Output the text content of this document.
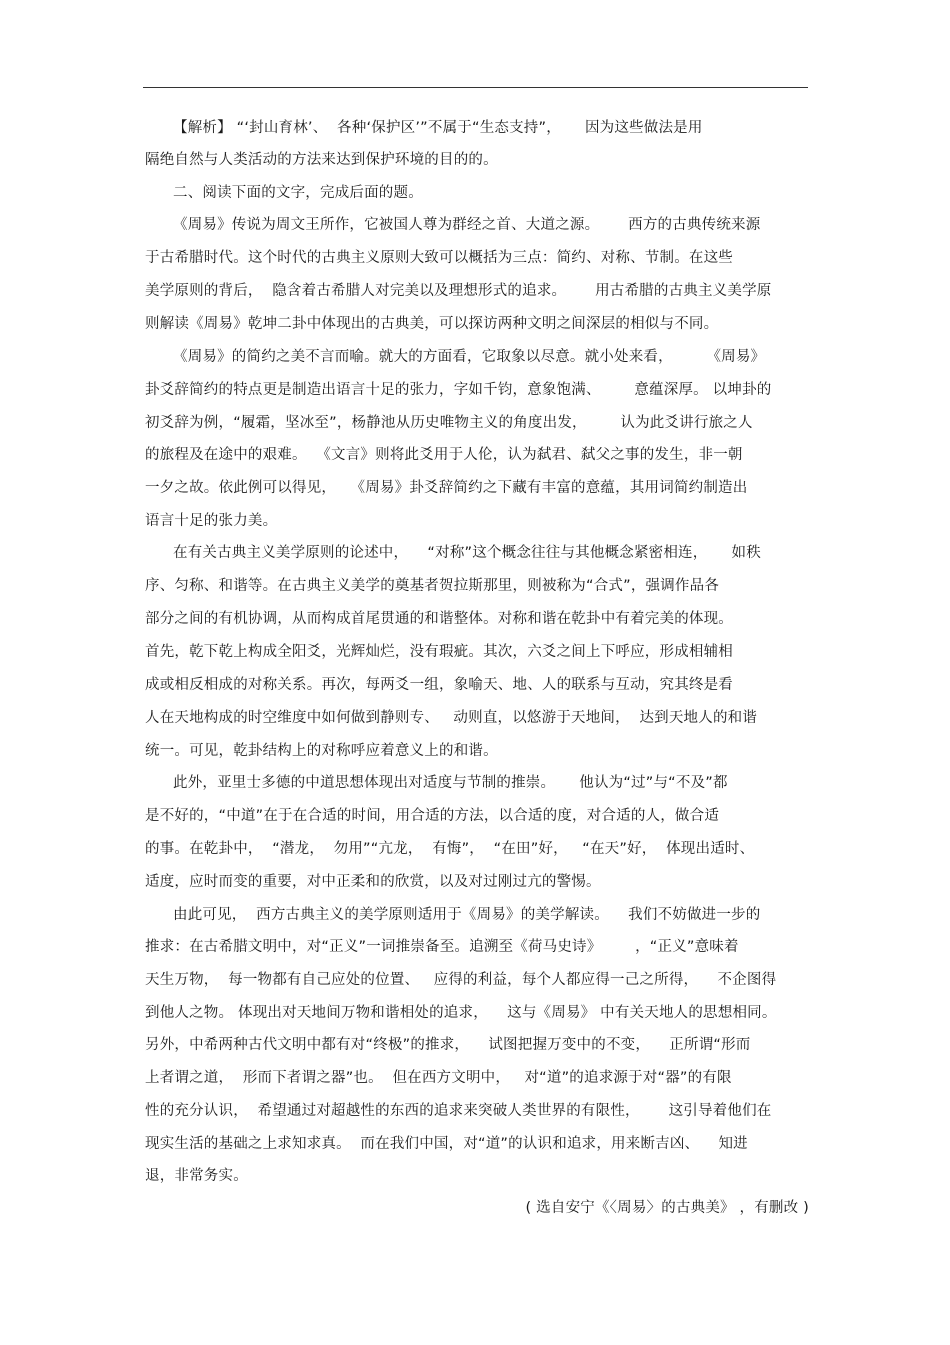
【解析】 “‘封山育林’、  各种‘保护区’”不属于“生态支持”，     因为这些做法是用
隔绝自然与人类活动的方法来达到保护环境的目的的。
二、阅读下面的文字，完成后面的题。
《周易》传说为周文王所作，它被国人尊为群经之首、大道之源。      西方的古典传统来源
于古希腊时代。这个时代的古典主义原则大致可以概括为三点：简约、对称、节制。在这些
美学原则的背后，  隐含着古希腊人对完美以及理想形式的追求。      用古希腊的古典主义美学原
则解读《周易》乾坤二卦中体现出的古典美，可以探访两种文明之间深层的相似与不同。
《周易》的简约之美不言而喻。就大的方面看，它取象以尽意。就小处来看，       《周易》
卦爻辞简约的特点更是制造出语言十足的张力，字如千钧，意象饱满、       意蕴深厚。 以坤卦的
初爻辞为例，“履霜，坚冰至”，杨静池从历史唯物主义的角度出发，       认为此爻讲行旅之人
的旅程及在途中的艰难。  《文言》则将此爻用于人伦，认为弑君、弑父之事的发生，非一朝
一夕之故。依此例可以得见，   《周易》卦爻辞简约之下藏有丰富的意蕴，其用词简约制造出
语言十足的张力美。
在有关古典主义美学原则的论述中，    “对称”这个概念往往与其他概念紧密相连，     如秩
序、匀称、和谐等。在古典主义美学的奠基者贺拉斯那里，则被称为“合式”，强调作品各
部分之间的有机协调，从而构成首尾贯通的和谐整体。对称和谐在乾卦中有着完美的体现。
首先，乾下乾上构成全阳爻，光辉灿烂，没有瑕疵。其次，六爻之间上下呼应，形成相辅相
成或相反相成的对称关系。再次，每两爻一组，象喻天、地、人的联系与互动，究其终是看
人在天地构成的时空维度中如何做到静则专、   动则直，以悠游于天地间，  达到天地人的和谐
统一。可见，乾卦结构上的对称呼应着意义上的和谐。
此外，亚里士多德的中道思想体现出对适度与节制的推崇。     他认为“过”与“不及”都
是不好的，“中道”在于在合适的时间，用合适的方法，以合适的度，对合适的人，做合适
的事。在乾卦中，  “潜龙，  勿用”“亢龙，  有悔”，  “在田”好，   “在天”好，  体现出适时、
适度，应时而变的重要，对中正柔和的欣赏，以及对过刚过亢的警惕。
由此可见，  西方古典主义的美学原则适用于《周易》的美学解读。    我们不妨做进一步的
推求：在古希腊文明中，对“正义”一词推崇备至。追溯至《荷马史诗》       ，“正义”意味着
天生万物，  每一物都有自己应处的位置、   应得的利益，每个人都应得一己之所得，    不企图得
到他人之物。 体现出对天地间万物和谐相处的追求，    这与《周易》 中有关天地人的思想相同。
另外，中希两种古代文明中都有对“终极”的推求，    试图把握万变中的不变，    正所谓“形而
上者谓之道，  形而下者谓之器”也。  但在西方文明中，   对“道”的追求源于对“器”的有限
性的充分认识，  希望通过对超越性的东西的追求来突破人类世界的有限性，      这引导着他们在
现实生活的基础之上求知求真。  而在我们中国，对“道”的认识和追求，用来断吉凶、    知进
退，非常务实。
( 选自安宁《〈周易〉的古典美》 ，有删改 )
